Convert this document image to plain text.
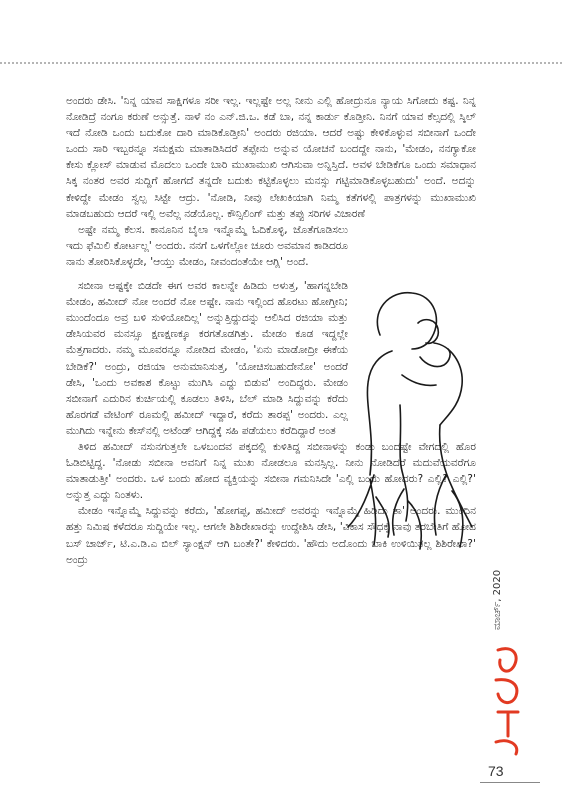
ಅಂದರು ಡೇಸಿ. 'ನಿನ್ನ ಯಾವ ಸಾಕ್ಷಿಗಳೂ ಸರೀ ಇಲ್ಲ. ಇಲ್ಲಷ್ಟೇ ಅಲ್ಲ ನೀನು ಎಲ್ಲಿ ಹೋದ್ರುನೂ ನ್ಯಾಯ ಸಿಗೋದು ಕಷ್ಟ. ನಿನ್ನ ನೋಡಿದ್ರೆ ನಂಗೂ ಕರುಣೆ ಅನ್ಸುತ್ತೆ. ನಾಳೆ ನಂ ಎನ್.ಜಿ.ಒ. ಕಡೆ ಬಾ, ನನ್ನ ಕಾರ್ಡು ಕೊಡ್ತೀನಿ. ನಿನಗೆ ಯಾವ ಕೆಲ್ಸದಲ್ಲಿ ಸ್ಕಿಲ್ ಇದೆ ನೋಡಿ ಒಂದು ಬದುಕೋ ದಾರಿ ಮಾಡಿಕೊಡ್ತೀನಿ' ಅಂದರು ರಜಿಯಾ. ಆದರೆ ಅಷ್ಟು ಕೇಳಿಕೊಳ್ಳುವ ಸಬೀನಾಗೆ ಒಂದೇ ಒಂದು ಸಾರಿ ಇಬ್ಬರನ್ನೂ ಸಮಕ್ಷಮ ಮಾತಾಡಿಸಿದರೆ ತಪ್ಪೇನು ಅನ್ನುವ ಯೋಚನೆ ಬಂದದ್ದೇ ನಾನು, 'ಮೇಡಂ, ನನಗ್ಯಾಕೋ ಕೇಸು ಕ್ಲೋಸ್ ಮಾಡುವ ಮೊದಲು ಒಂದೇ ಬಾರಿ ಮುಖಾಮುಖಿ ಆಗಿಸುವಾ ಅನ್ನಿಸ್ತಿದೆ. ಅವಳ ಬೇಡಿಕೆಗೂ ಒಂದು ಸಮಾಧಾನ ಸಿಕ್ಕ ನಂತರ ಅವರ ಸುದ್ದಿಗೆ ಹೋಗದೆ ತನ್ನದೇ ಬದುಕು ಕಟ್ಟಿಕೊಳ್ಳಲು ಮನಸ್ಸು ಗಟ್ಟಿಮಾಡಿಕೊಳ್ಳಬಹುದು' ಅಂದೆ. ಅದನ್ನು ಕೇಳಿದ್ದೇ ಮೇಡಂ ಸ್ವಲ್ಪ ಸಿಟ್ಟೇ ಆದ್ರು. 'ನೋಡಿ, ನೀವು ಲೇಖಕಿಯಾಗಿ ನಿಮ್ಮ ಕತೆಗಳಲ್ಲಿ ಪಾತ್ರಗಳನ್ನು ಮುಖಾಮುಖಿ ಮಾಡಬಹುದು ಆದರೆ ಇಲ್ಲಿ ಅವೆಲ್ಲ ನಡೆಯೊಲ್ಲ. ಕೌನ್ಸಿಲಿಂಗ್ ಮತ್ತು ತಪ್ಪು ಸರಿಗಳ ವಿಚಾರಣೆ

ಅಷ್ಟೇ ನಮ್ಮ ಕೆಲಸ. ಕಾನೂನಿನ ಬೈಲಾ ಇನ್ನೊಮ್ಮೆ ಓದಿಕೊಳ್ಳಿ, ಜೊತೆಗೂಡಿಸಲು ಇದು ಫೆಮಿಲಿ ಕೋರ್ಟಲ್ಲ' ಅಂದರು. ನನಗೆ ಒಳಗೆಲ್ಲೋ ಚೂರು ಅವಮಾನ ಕಾಡಿದರೂ ನಾನು ತೋರಿಸಿಕೊಳ್ಳದೇ, 'ಆಯ್ತು ಮೇಡಂ, ನೀವಂದಂತೆಯೇ ಆಗ್ಲಿ' ಅಂದೆ.

ಸಬೀನಾ ಅಷ್ಟಕ್ಕೇ ಬಿಡದೇ ಈಗ ಅವರ ಕಾಲನ್ನೇ ಹಿಡಿದು ಅಳುತ್ತ, 'ಹಾಗನ್ನಬೇಡಿ ಮೇಡಂ, ಹಮೀದ್ ನೋ ಅಂದರೆ ನೋ ಅಷ್ಟೇ. ನಾನು ಇಲ್ಲಿಂದ ಹೊರಟು ಹೋಗ್ತೀನಿ; ಮುಂದೆಂದೂ ಅವ್ರ ಬಳಿ ಸುಳಿಯೋದಿಲ್ಲ' ಅನ್ನುತ್ತಿದ್ದುದನ್ನು ಆಲಿಸಿದ ರಜಿಯಾ ಮತ್ತು ಡೇಸಿಯವರ ಮನಸ್ಸೂ ಕ್ಷಣಕ್ಷಣಕ್ಕೂ ಕರಗತೊಡಗಿತ್ತು. ಮೇಡಂ ಕೂಡ ಇದ್ದಲ್ಲೇ ಮೆತ್ತಗಾದರು. ನಮ್ಮ ಮೂವರನ್ನೂ ನೋಡಿದ ಮೇಡಂ, 'ಏನು ಮಾಡೋದ್ರೀ ಈಕೆಯ ಬೇಡಿಕೆ?' ಅಂದ್ರು, ರಜಿಯಾ ಅನುಮಾನಿಸುತ್ತ, 'ಯೋಚಿಸಬಹುದೇನೋ' ಅಂದರೆ ಡೇಸಿ, 'ಒಂದು ಅವಕಾಶ ಕೊಟ್ಟು ಮುಗಿಸಿ ಎದ್ದು ಬಿಡುವ' ಅಂದಿದ್ದರು. ಮೇಡಂ ಸಬೀನಾಗೆ ಎದುರಿನ ಕುರ್ಚಿಯಲ್ಲಿ ಕೂಡಲು ತಿಳಿಸಿ, ಬೆಲ್ ಮಾಡಿ ಸಿದ್ದುವನ್ನು ಕರೆದು ಹೊರಗಡೆ ವೇಟಿಂಗ್ ರೂಮಲ್ಲಿ ಹಮೀದ್ ಇದ್ದಾರೆ, ಕರೆದು ತಾರಪ್ಪ' ಅಂದರು. ಎಲ್ಲ ಮುಗಿದು ಇನ್ನೇನು ಕೇಸ್‌ನಲ್ಲಿ ಅಟೆಂಡ್ ಆಗಿದ್ದಕ್ಕೆ ಸಹಿ ಪಡೆಯಲು ಕರೆದಿದ್ದಾರೆ ಅಂತ

ತಿಳಿದ ಹಮೀದ್ ನಸುನಗುತ್ತಲೇ ಒಳಬಂದವ ಪಕ್ಕದಲ್ಲಿ ಕುಳಿತಿದ್ದ ಸಬೀನಾಳನ್ನು ಕಂಡು ಬಂದಷ್ಟೇ ವೇಗದಲ್ಲಿ ಹೊರ ಓಡಿಬಿಟ್ಟಿದ್ದ. 'ನೋಡು ಸಬೀನಾ ಅವನಿಗೆ ನಿನ್ನ ಮುಖ ನೋಡಲೂ ಮನಸ್ಸಿಲ್ಲ. ನೀನು ನೋಡಿದರೆ ಮದುವೆಯವರೆಗೂ ಮಾತಾಡುತ್ತೀ' ಅಂದರು. ಒಳ ಬಂದು ಹೋದ ವ್ಯಕ್ತಿಯನ್ನು ಸಬೀನಾ ಗಮನಿಸಿದೇ 'ಎಲ್ಲಿ ಬಂದು ಹೋದರು? ಎಲ್ಲಿ? ಎಲ್ಲಿ?' ಅನ್ನುತ್ತ ಎದ್ದು ನಿಂತಳು.

ಮೇಡಂ ಇನ್ನೊಮ್ಮೆ ಸಿದ್ದುವನ್ನು ಕರೆದು, 'ಹೋಗಪ್ಪ, ಹಮೀದ್ ಅವರನ್ನು ಇನ್ನೊಮ್ಮೆ ಹಿಡಿದು ತಾ' ಅಂದರು. ಮುಂದಿನ ಹತ್ತು ನಿಮಿಷ ಕಳೆದರೂ ಸುದ್ದಿಯೇ ಇಲ್ಲ. ಆಗಲೇ ಶಿಶಿರೇಖಾರನ್ನು ಉದ್ದೇಶಿಸಿ ಡೇಸಿ, 'ವಿಕಾಸ ಸೌಧಕ್ಕೆ ನಾವು ತರಬೇತಿಗೆ ಹೋದ ಬಸ್ ಚಾರ್ಜ್, ಟಿ.ಎ.ಡಿ.ಎ ಬಿಲ್ ಸ್ಯಾಂಕ್ಷನ್ ಆಗಿ ಬಂತೇ?' ಕೇಳಿದರು. 'ಹೌದು ಅದೊಂದು ಬಾಕಿ ಉಳಿಯಿತಲ್ಲ ಶಿಶಿರೇಖಾ?' ಅಂದ್ರು

ಮಾರ್ಚ್, 2020
73
